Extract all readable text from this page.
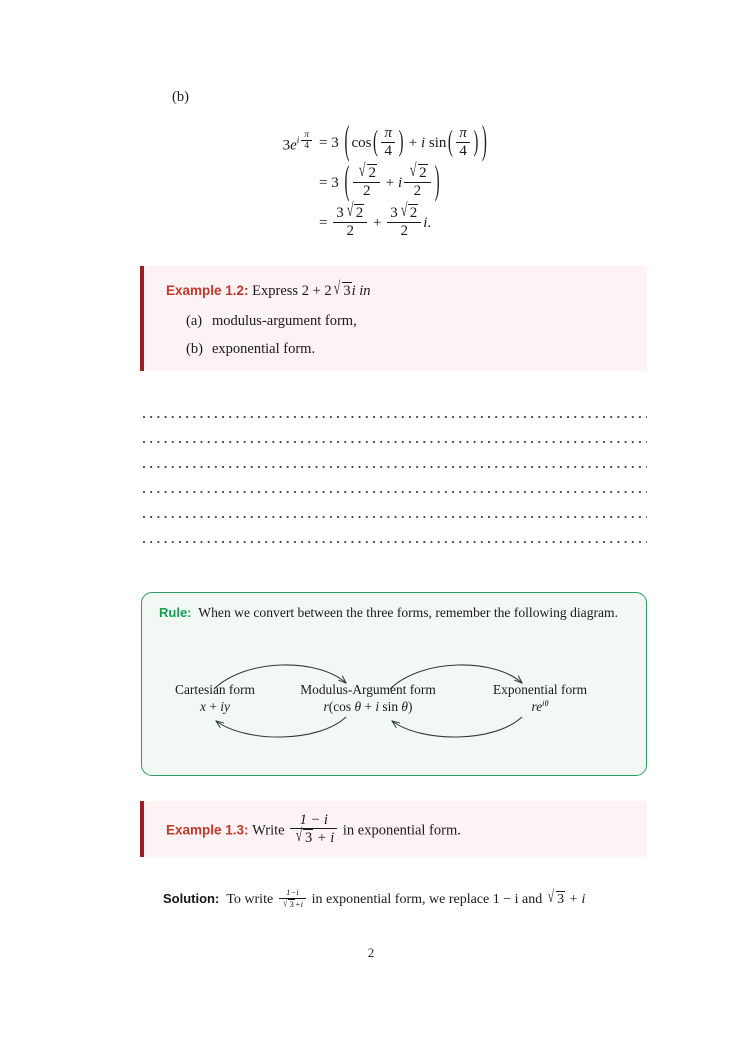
(b)
$3e^{i \frac{\pi}{4}} = 3$ ( cos ( $\frac{\pi}{4}$ ) + i sin ( $\frac{\pi}{4}$ ) )
= 3 ( $\frac{√ 2}{2} + i \frac{√ 2}{2}$ )
= $\frac{3 √ 2}{2} + \frac{3 √ 2}{2} i$.
Example 1.2: Express 2 + 2 √ 3i in
(a) modulus-argument form,
(b) exponential form.
Rule: When we convert between the three forms, remember the following diagram.
Cartesian form
x + iy
Modulus-Argument form
r(cos θ + i sin θ)
Exponential form
$re^{i\theta}$
Example 1.3: Write $\frac{1 - i}{√ 3 + i}$ in exponential form.
Solution: To write $\frac{1-i}{√ 3+i}$ in exponential form, we replace 1 − i and √ 3 + i
2
